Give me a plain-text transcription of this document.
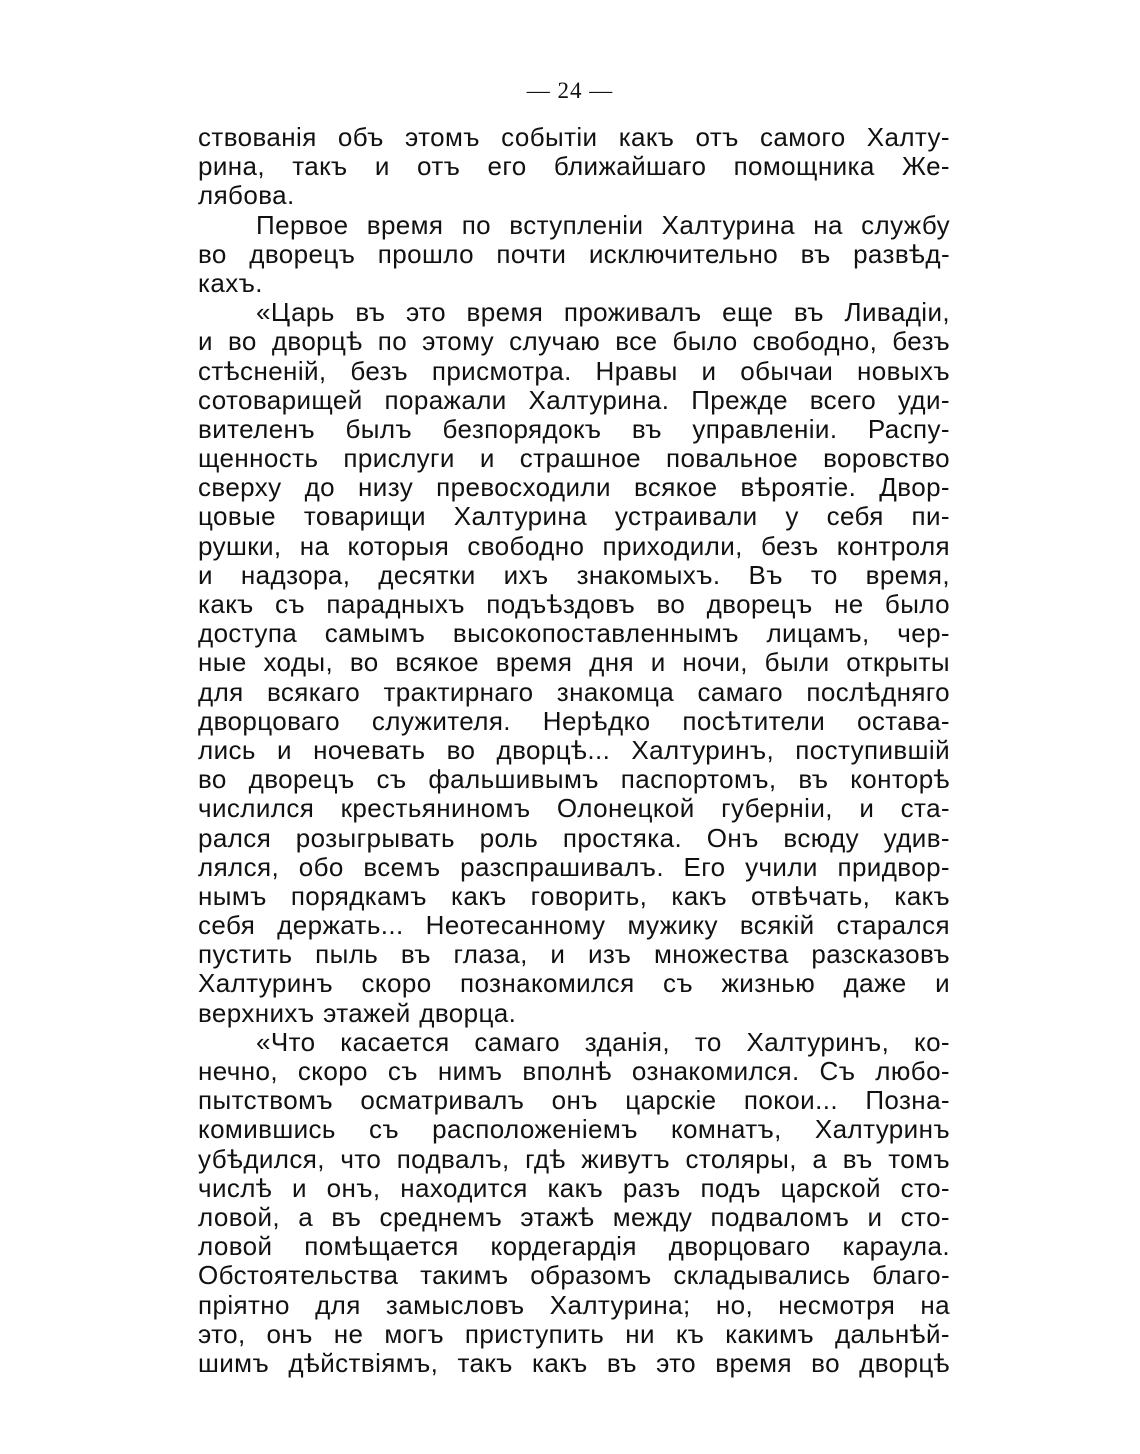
— 24 —
ствованія объ этомъ событіи какъ отъ самого Халту-
рина, такъ и отъ его ближайшаго помощника Же-
лябова.
Первое время по вступленіи Халтурина на службу
во дворецъ прошло почти исключительно въ развѣд-
кахъ.
«Царь въ это время проживалъ еще въ Ливадіи,
и во дворцѣ по этому случаю все было свободно, безъ
стѣсненій, безъ присмотра. Нравы и обычаи новыхъ
сотоварищей поражали Халтурина. Прежде всего уди-
вителенъ былъ безпорядокъ въ управленіи. Распу-
щенность прислуги и страшное повальное воровство
сверху до низу превосходили всякое вѣроятіе. Двор-
цовые товарищи Халтурина устраивали у себя пи-
рушки, на которыя свободно приходили, безъ контроля
и надзора, десятки ихъ знакомыхъ. Въ то время,
какъ съ парадныхъ подъѣздовъ во дворецъ не было
доступа самымъ высокопоставленнымъ лицамъ, чер-
ные ходы, во всякое время дня и ночи, были открыты
для всякаго трактирнаго знакомца самаго послѣдняго
дворцоваго служителя. Нерѣдко посѣтители остава-
лись и ночевать во дворцѣ... Халтуринъ, поступившій
во дворецъ съ фальшивымъ паспортомъ, въ конторѣ
числился крестьяниномъ Олонецкой губерніи, и ста-
рался розыгрывать роль простяка. Онъ всюду удив-
лялся, обо всемъ разспрашивалъ. Его учили придвор-
нымъ порядкамъ какъ говорить, какъ отвѣчать, какъ
себя держать... Неотесанному мужику всякій старался
пустить пыль въ глаза, и изъ множества разсказовъ
Халтуринъ скоро познакомился съ жизнью даже и
верхнихъ этажей дворца.
«Что касается самаго зданія, то Халтуринъ, ко-
нечно, скоро съ нимъ вполнѣ ознакомился. Съ любо-
пытствомъ осматривалъ онъ царскіе покои... Позна-
комившись съ расположеніемъ комнатъ, Халтуринъ
убѣдился, что подвалъ, гдѣ живутъ столяры, а въ томъ
числѣ и онъ, находится какъ разъ подъ царской сто-
ловой, а въ среднемъ этажѣ между подваломъ и сто-
ловой помѣщается кордегардія дворцоваго караула.
Обстоятельства такимъ образомъ складывались благо-
пріятно для замысловъ Халтурина; но, несмотря на
это, онъ не могъ приступить ни къ какимъ дальнѣй-
шимъ дѣйствіямъ, такъ какъ въ это время во дворцѣ
